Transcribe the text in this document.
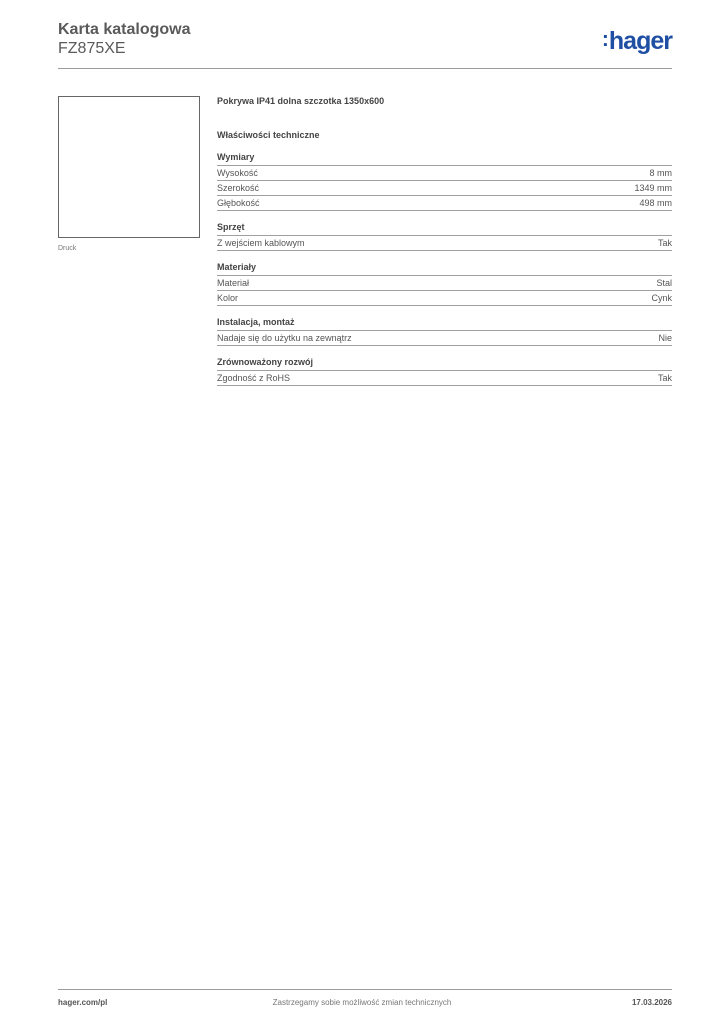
Karta katalogowa
FZ875XE	:hager
Druck
Pokrywa IP41 dolna szczotka 1350x600
Właściwości techniczne
Wymiary
Wysokość	8 mm
Szerokość	1349 mm
Głębokość	498 mm
Sprzęt
Z wejściem kablowym	Tak
Materiały
Materiał	Stal
Kolor	Cynk
Instalacja, montaż
Nadaje się do użytku na zewnątrz	Nie
Zrównoważony rozwój
Zgodność z RoHS	Tak
Zastrzegamy sobie możliwość zmian technicznych
hager.com/pl	17.03.2026
